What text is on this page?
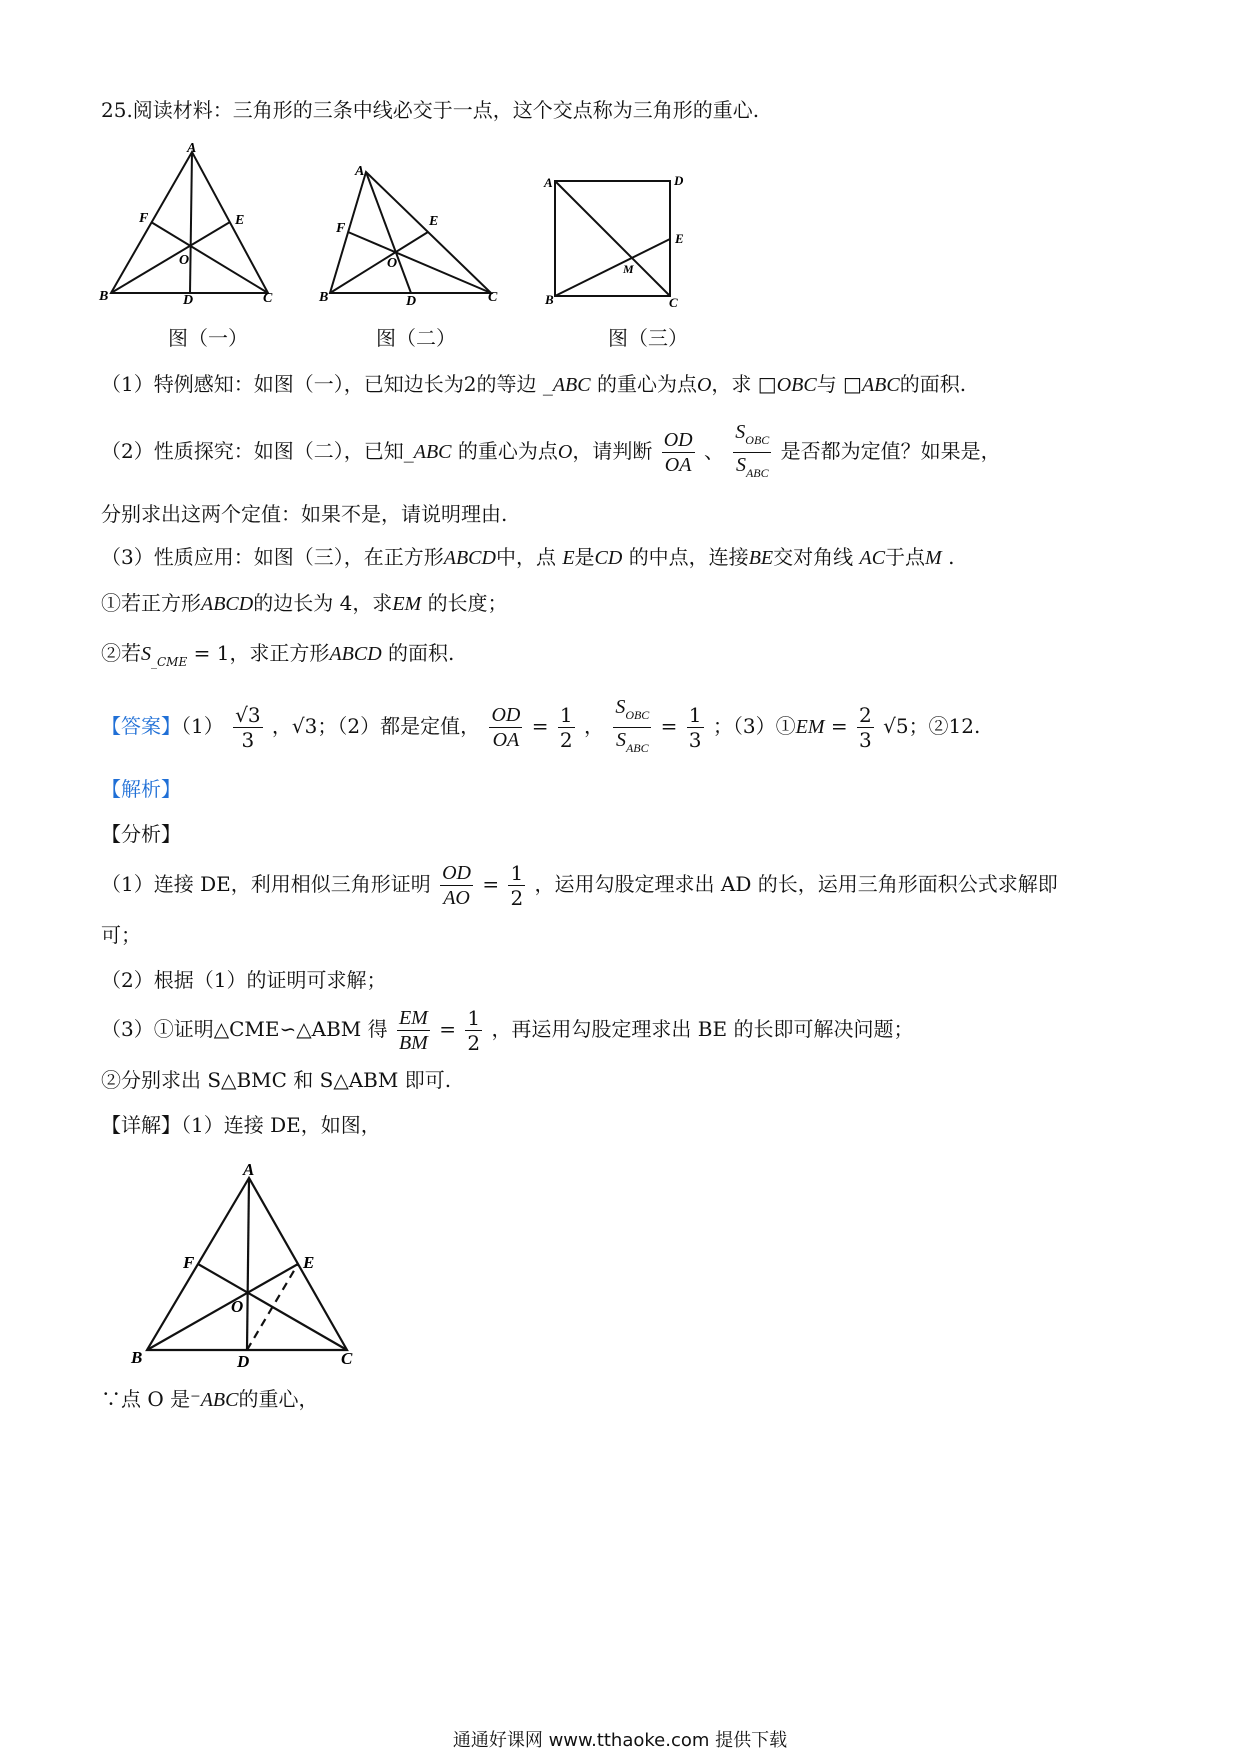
25.阅读材料：三角形的三条中线必交于一点，这个交点称为三角形的重心.
A
B	C
D
E
F
O
图（一）
A
B	C
D
E
F
O
图（二）
A	D
B	C
E
M
图（三）
（1）特例感知：如图（一），已知边长为2的等边 _ABC 的重心为点O，求 □OBC与 □ABC的面积.
（2）性质探究：如图（二），已知_ABC 的重心为点O，请判断 $\frac{OD}{OA}$ 、 $\frac{S_{OBC}}{S_{ABC}}$ 是否都为定值？如果是，
分别求出这两个定值：如果不是，请说明理由.
（3）性质应用：如图（三），在正方形ABCD中，点 E是CD 的中点，连接BE交对角线 AC于点M .
①若正方形ABCD的边长为 4，求EM 的长度；
②若$S_{\_CME} = 1$，求正方形ABCD 的面积.
【答案】$(1) \frac{√3}{3}$ ，√3；（2）都是定值， $\frac{OD}{OA} = \frac{1}{2}$ ， $\frac{S_{OBC}}{S_{ABC}} = \frac{1}{3}$ ；（3）①EM = $\frac{2}{3} √5$；②12.
【解析】
【分析】
（1）连接 DE，利用相似三角形证明 $\frac{OD}{AO} = \frac{1}{2}$ ，运用勾股定理求出 AD 的长，运用三角形面积公式求解即
可；
（2）根据（1）的证明可求解；
（3）①证明△CME∽△ABM 得 $\frac{EM}{BM} = \frac{1}{2}$ ，再运用勾股定理求出 BE 的长即可解决问题；
②分别求出 S△BMC 和 S△ABM 即可.
【详解】（1）连接 DE，如图，
A
B	C
D
E
F
O
∵点 O 是⁻ABC的重心，
通通好课网 www.tthaoke.com 提供下载
